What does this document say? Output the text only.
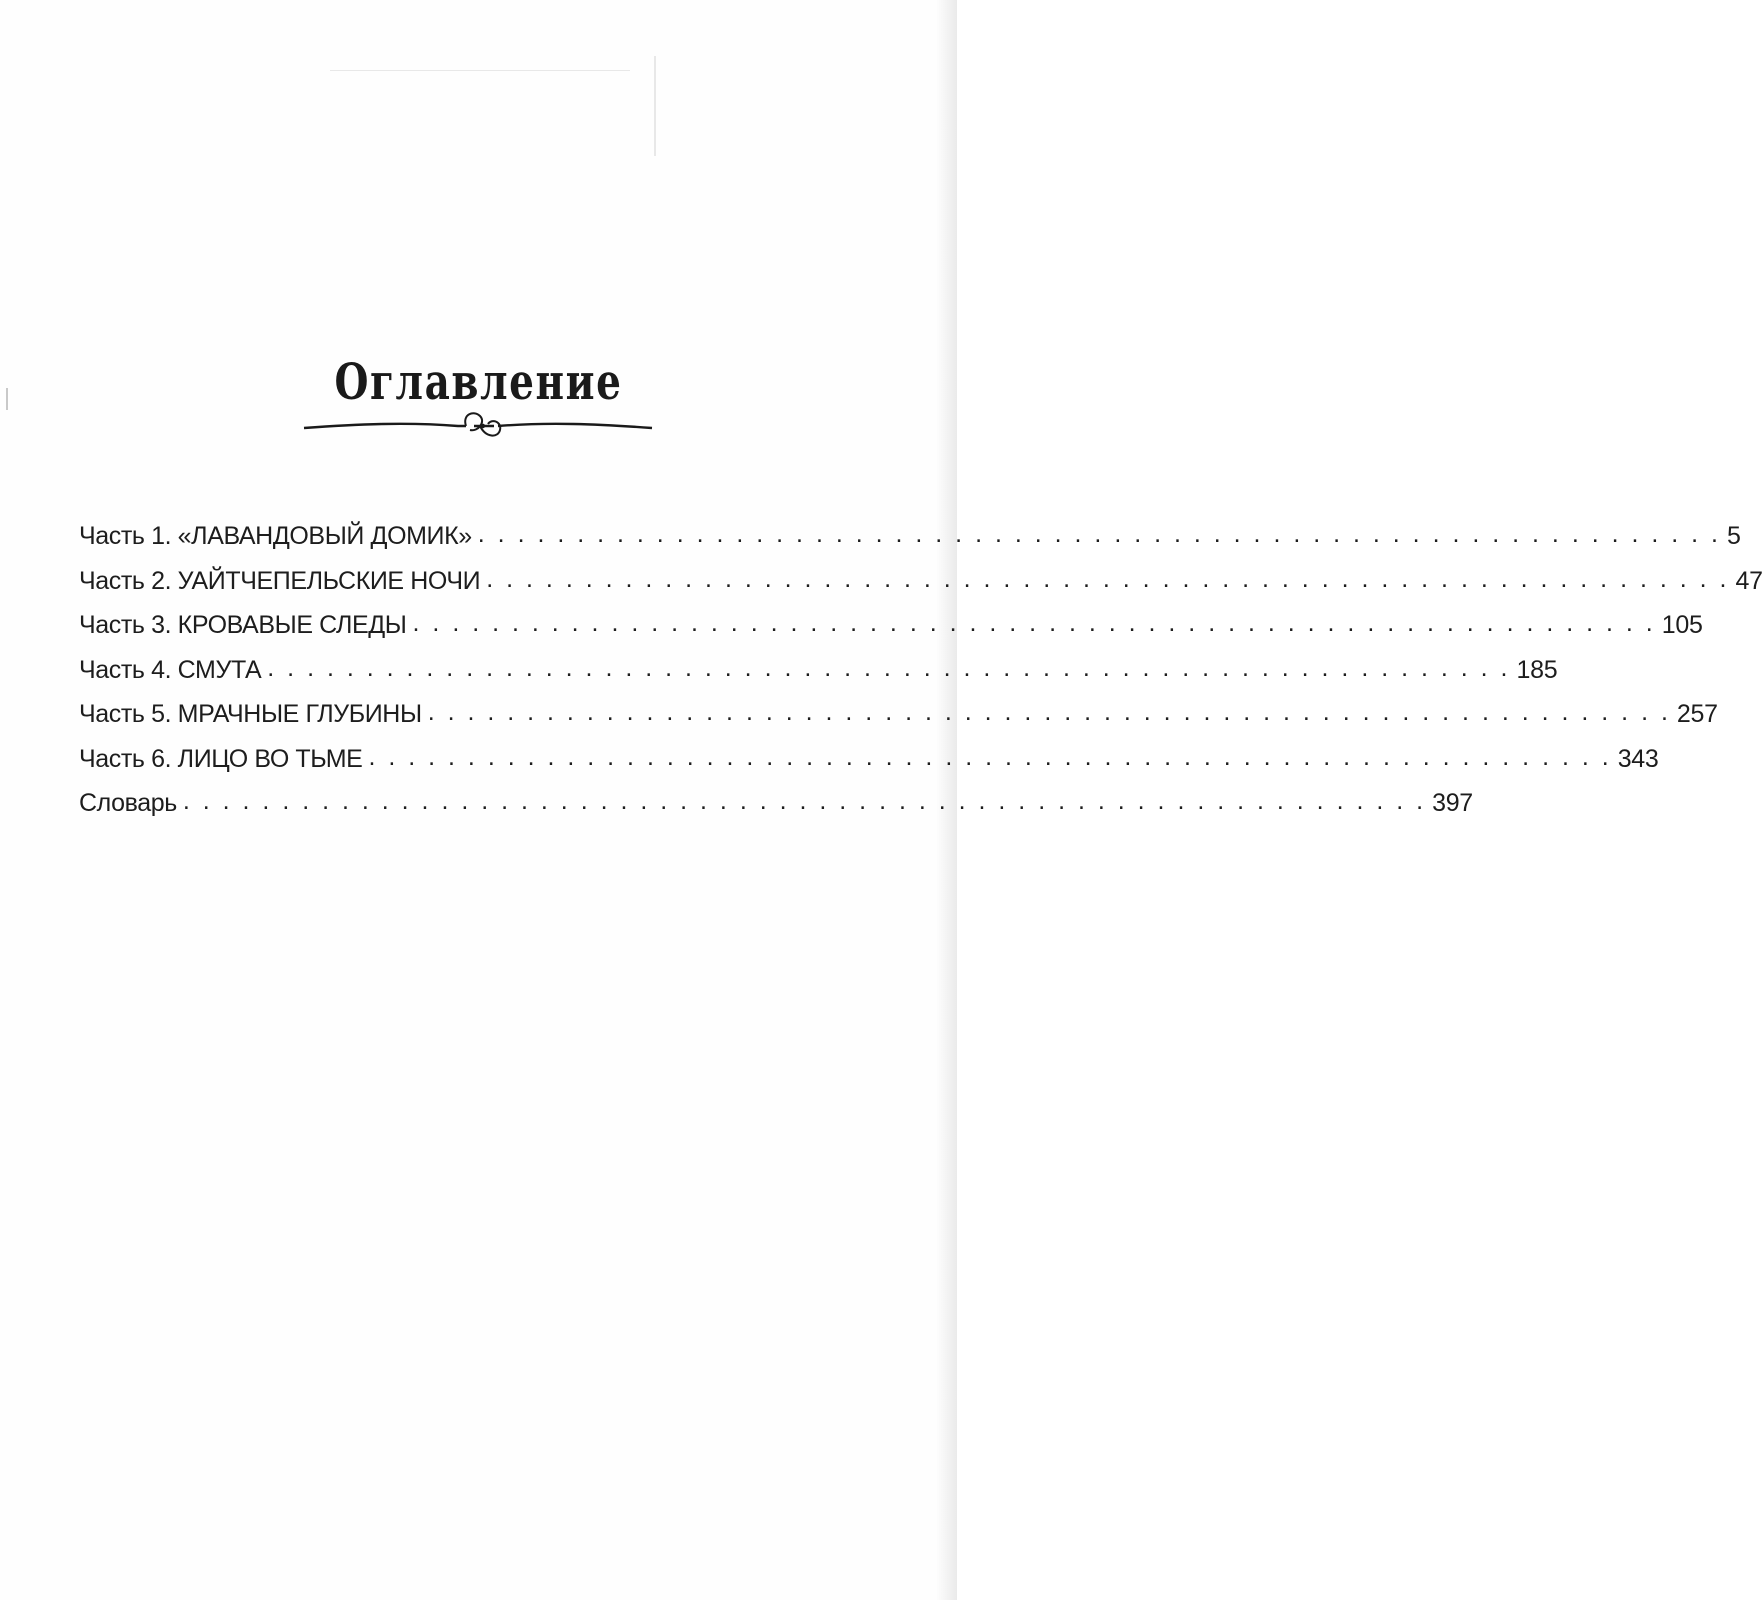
Оглавление
Часть 1. «ЛАВАНДОВЫЙ ДОМИК» . . . . . . . . . . . . . . . . . . . . . . . . . . . . . . . . . . . . . . . . . . . . . . . . . . . . . . . . . . . . . . . 5
Часть 2. УАЙТЧЕПЕЛЬСКИЕ НОЧИ . . . . . . . . . . . . . . . . . . . . . . . . . . . . . . . . . . . . . . . . . . . . . . . . . . . . . . . . . . . . . . . 47
Часть 3. КРОВАВЫЕ СЛЕДЫ . . . . . . . . . . . . . . . . . . . . . . . . . . . . . . . . . . . . . . . . . . . . . . . . . . . . . . . . . . . . . . . 105
Часть 4. СМУТА . . . . . . . . . . . . . . . . . . . . . . . . . . . . . . . . . . . . . . . . . . . . . . . . . . . . . . . . . . . . . . . 185
Часть 5. МРАЧНЫЕ ГЛУБИНЫ . . . . . . . . . . . . . . . . . . . . . . . . . . . . . . . . . . . . . . . . . . . . . . . . . . . . . . . . . . . . . . . 257
Часть 6. ЛИЦО ВО ТЬМЕ . . . . . . . . . . . . . . . . . . . . . . . . . . . . . . . . . . . . . . . . . . . . . . . . . . . . . . . . . . . . . . . 343
Словарь . . . . . . . . . . . . . . . . . . . . . . . . . . . . . . . . . . . . . . . . . . . . . . . . . . . . . . . . . . . . . . . 397
